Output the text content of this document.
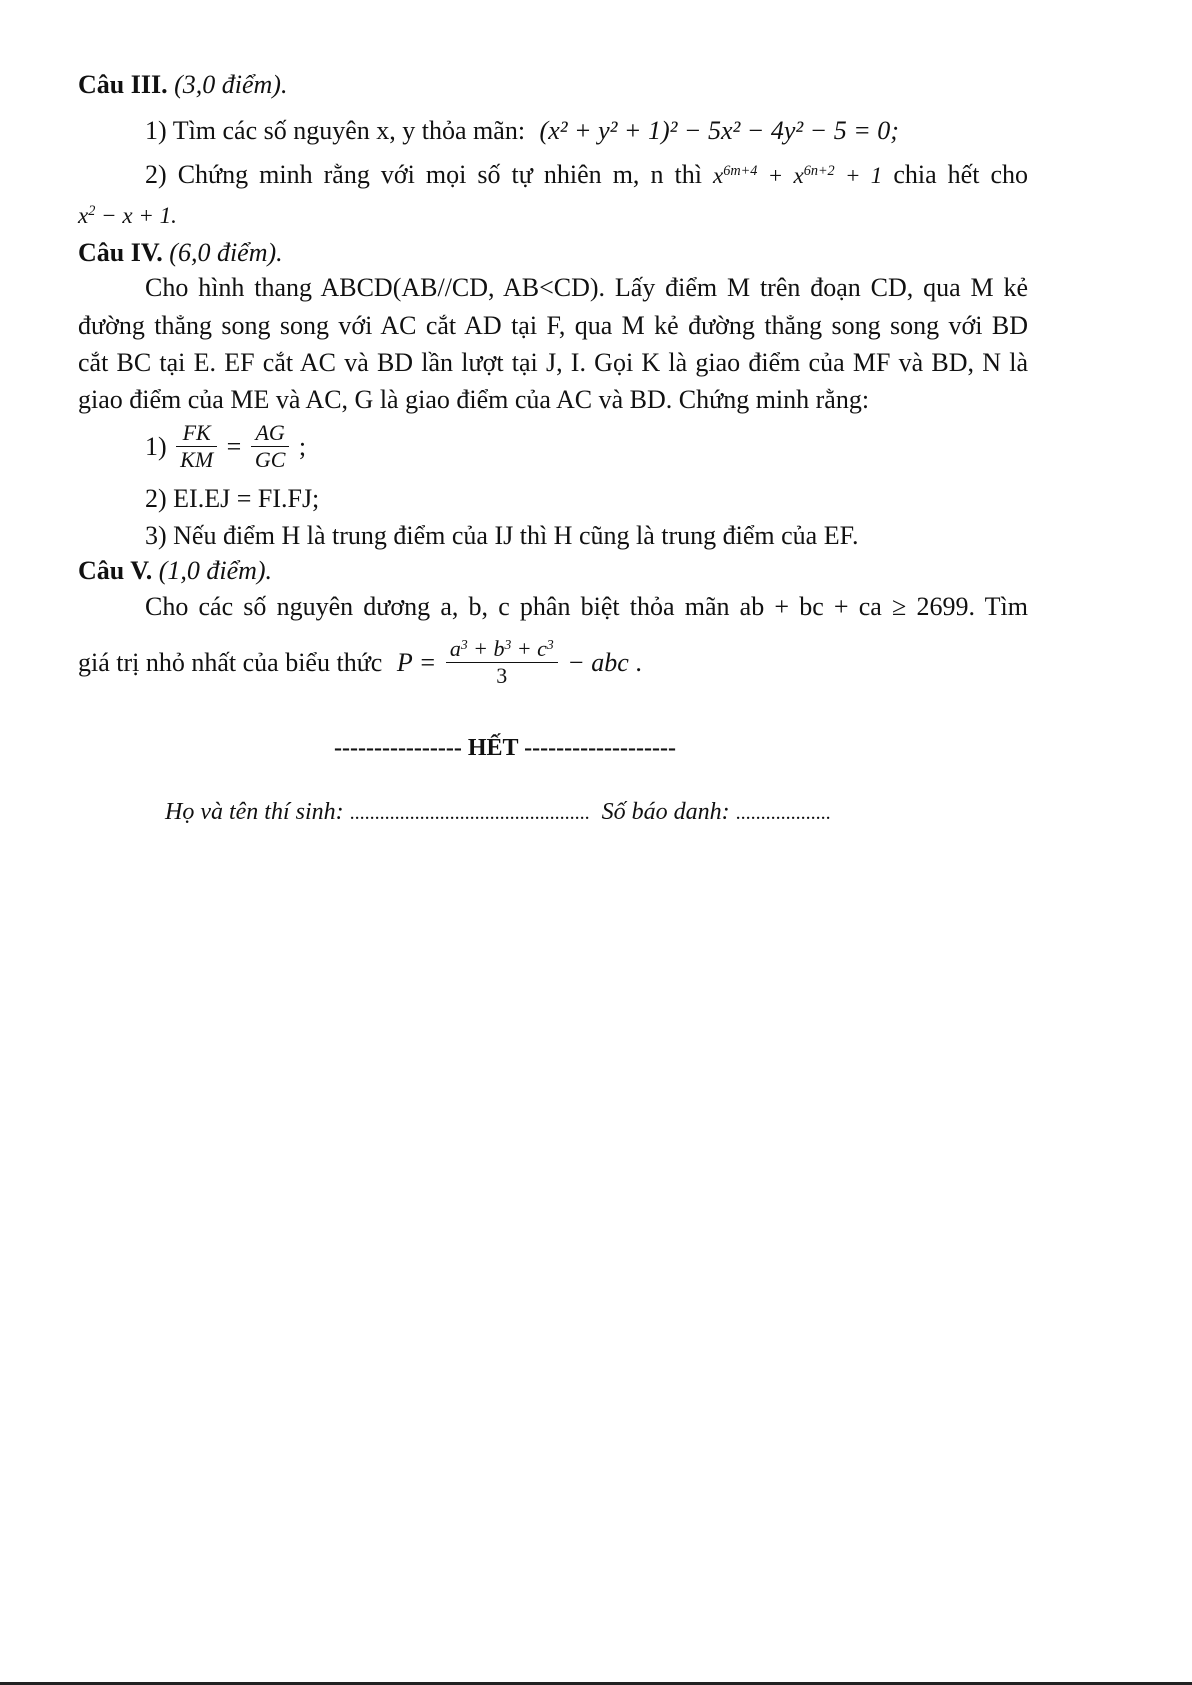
Câu III. (3,0 điểm).
1) Tìm các số nguyên x, y thỏa mãn: (x² + y² + 1)² − 5x² − 4y² − 5 = 0;
2) Chứng minh rằng với mọi số tự nhiên m, n thì $x^{6m+4} + x^{6n+2} + 1$ chia hết cho
$x^2 - x + 1$.
Câu IV. (6,0 điểm).
Cho hình thang ABCD(AB//CD, AB<CD). Lấy điểm M trên đoạn CD, qua M kẻ
đường thẳng song song với AC cắt AD tại F, qua M kẻ đường thẳng song song với BD
cắt BC tại E. EF cắt AC và BD lần lượt tại J, I. Gọi K là giao điểm của MF và BD, N là
giao điểm của ME và AC, G là giao điểm của AC và BD. Chứng minh rằng:
$1) \frac{FK}{KM} = \frac{AG}{GC}$ ;
2) EI.EJ = FI.FJ;
3) Nếu điểm H là trung điểm của IJ thì H cũng là trung điểm của EF.
Câu V. (1,0 điểm).
Cho các số nguyên dương a, b, c phân biệt thỏa mãn ab + bc + ca ≥ 2699. Tìm
giá trị nhỏ nhất của biểu thức $P = \frac{a^3 + b^3 + c^3}{3}$ − abc .
---------------- HẾT -------------------
Họ và tên thí sinh: ................................................ Số báo danh: ...................
